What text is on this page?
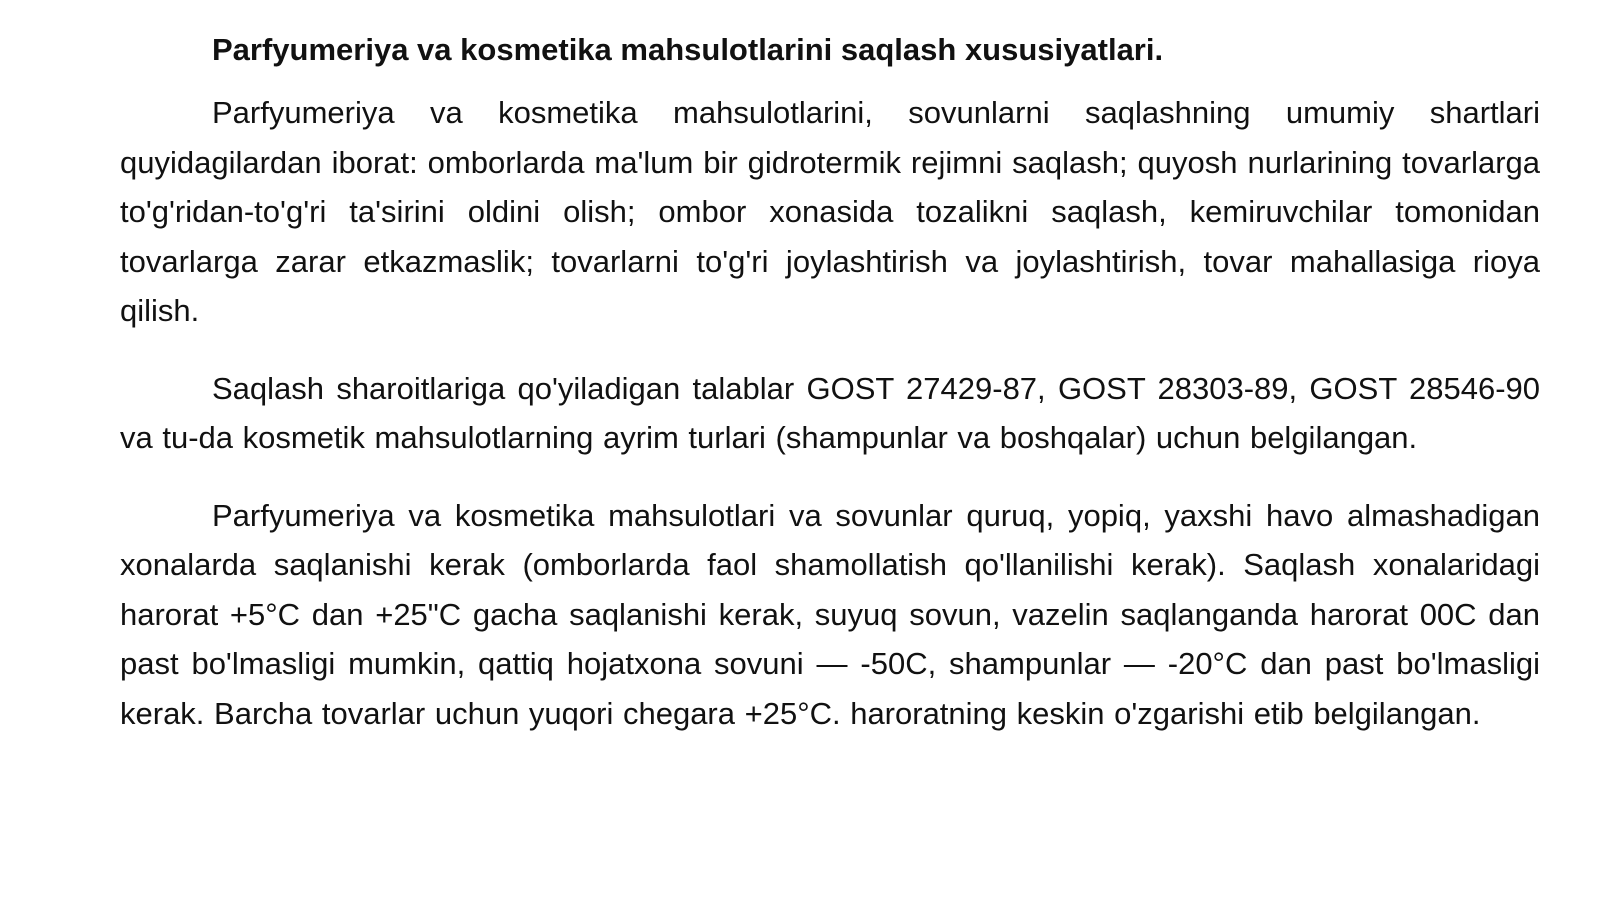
Parfyumeriya va kosmetika mahsulotlarini saqlash xususiyatlari.

Parfyumeriya va kosmetika mahsulotlarini, sovunlarni saqlashning umumiy shartlari quyidagilardan iborat: omborlarda ma'lum bir gidrotermik rejimni saqlash; quyosh nurlarining tovarlarga to'g'ridan-to'g'ri ta'sirini oldini olish; ombor xonasida tozalikni saqlash, kemiruvchilar tomonidan tovarlarga zarar etkazmaslik; tovarlarni to'g'ri joylashtirish va joylashtirish, tovar mahallasiga rioya qilish.

Saqlash sharoitlariga qo'yiladigan talablar GOST 27429-87, GOST 28303-89, GOST 28546-90 va tu-da kosmetik mahsulotlarning ayrim turlari (shampunlar va boshqalar) uchun belgilangan.

Parfyumeriya va kosmetika mahsulotlari va sovunlar quruq, yopiq, yaxshi havo almashadigan xonalarda saqlanishi kerak (omborlarda faol shamollatish qo'llanilishi kerak). Saqlash xonalaridagi harorat +5°C dan +25"C gacha saqlanishi kerak, suyuq sovun, vazelin saqlanganda harorat 00C dan past bo'lmasligi mumkin, qattiq hojatxona sovuni — -50C, shampunlar — -20°C dan past bo'lmasligi kerak. Barcha tovarlar uchun yuqori chegara +25°C. haroratning keskin o'zgarishi etib belgilangan.
